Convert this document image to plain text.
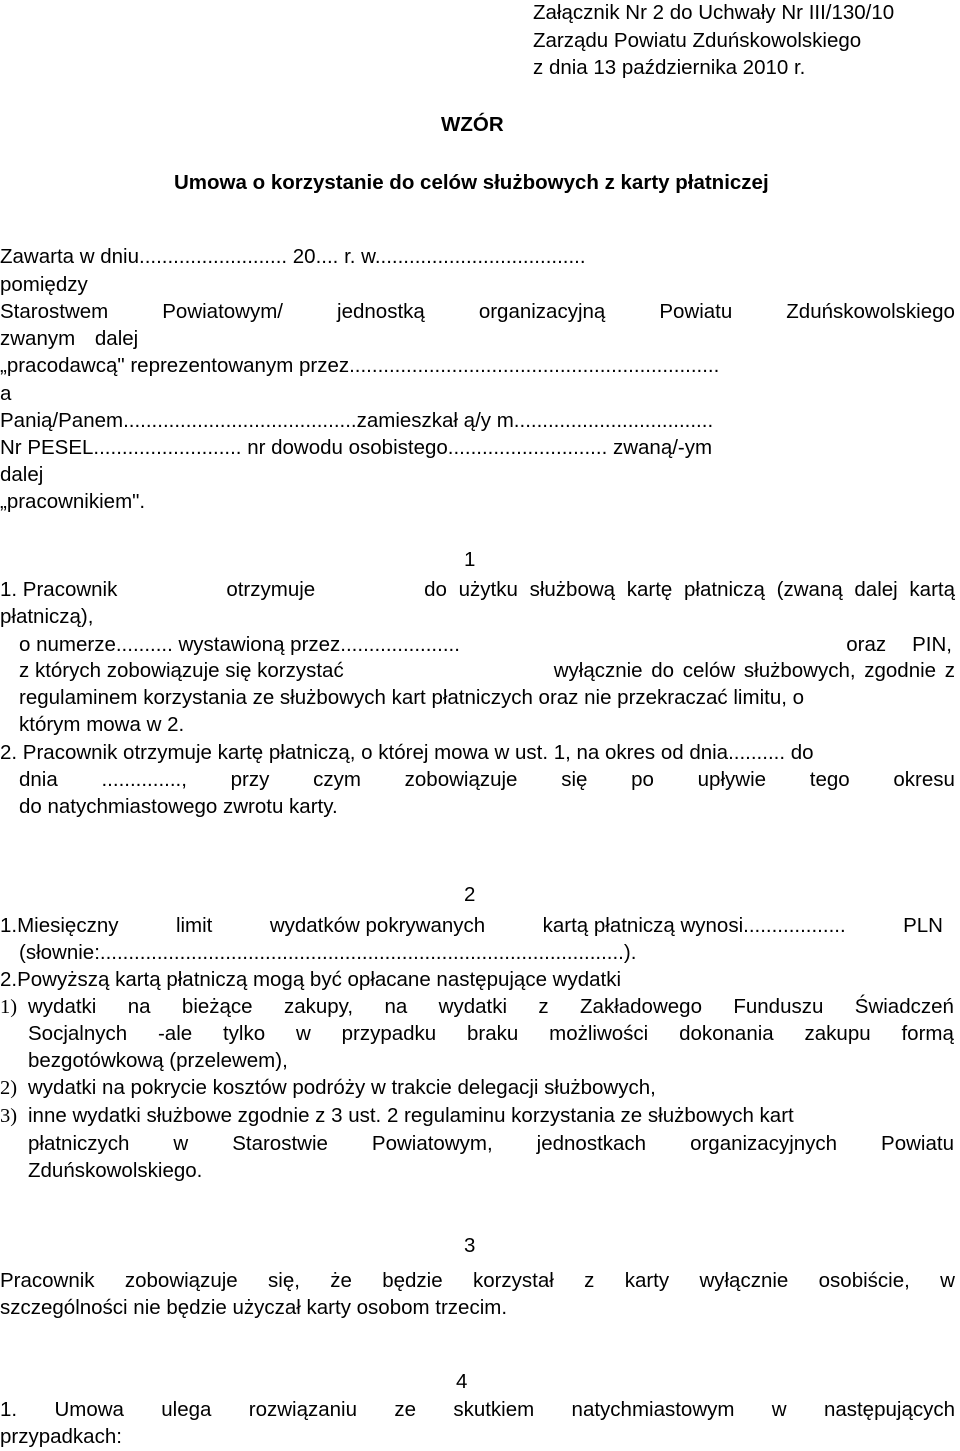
Załącznik Nr 2 do Uchwały Nr III/130/10
Zarządu Powiatu Zduńskowolskiego
z dnia 13 października 2010 r.
WZÓR
Umowa o korzystanie do celów służbowych z karty płatniczej
Zawarta w dniu.......................... 20.... r. w.....................................
pomiędzy
Starostwem	Powiatowym/	jednostką	organizacyjną	Powiatu	Zduńskowolskiego
zwanym dalej
„pracodawcą" reprezentowanym przez.................................................................
a
Panią/Panem.........................................zamieszkał ą/y m...................................
Nr PESEL.......................... nr dowodu osobistego............................ zwaną/-ym
dalej
„pracownikiem".
1
1. Pracownik	otrzymuje	do użytku służbową kartę płatniczą (zwaną dalej kartą
płatniczą),
o numerze.......... wystawioną przez.....................	oraz PIN,
z których zobowiązuje się korzystać	wyłącznie do celów służbowych, zgodnie z
regulaminem korzystania ze służbowych kart płatniczych oraz nie przekraczać limitu, o
którym mowa w 2.
2. Pracownik otrzymuje kartę płatniczą, o której mowa w ust. 1, na okres od dnia.......... do
dnia .............., przy czym zobowiązuje się po upływie tego okresu
do natychmiastowego zwrotu karty.
2
1.Miesięczny	limit	wydatków pokrywanych	kartą płatniczą wynosi..................	PLN
(słownie:............................................................................................).
2.Powyższą kartą płatniczą mogą być opłacane następujące wydatki
1) wydatki na bieżące zakupy, na wydatki z Zakładowego Funduszu Świadczeń
Socjalnych -ale tylko w przypadku braku możliwości dokonania zakupu formą
bezgotówkową (przelewem),
2) wydatki na pokrycie kosztów podróży w trakcie delegacji służbowych,
3) inne wydatki służbowe zgodnie z 3 ust. 2 regulaminu korzystania ze służbowych kart
płatniczych w Starostwie Powiatowym, jednostkach organizacyjnych Powiatu
Zduńskowolskiego.
3
Pracownik zobowiązuje się, że będzie korzystał z karty wyłącznie osobiście, w
szczególności nie będzie użyczał karty osobom trzecim.
4
1. Umowa ulega rozwiązaniu ze skutkiem natychmiastowym w następujących
przypadkach:
